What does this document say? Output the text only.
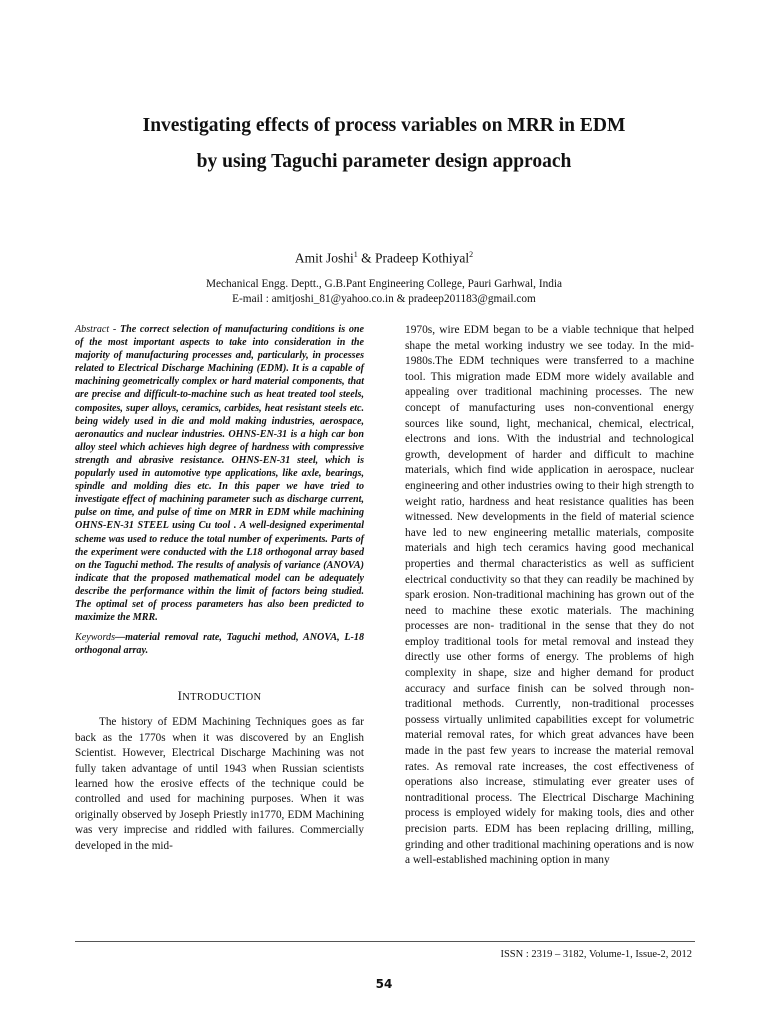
Investigating effects of process variables on MRR in EDM
by using Taguchi parameter design approach
Amit Joshi$^1$ & Pradeep Kothiyal$^2$
Mechanical Engg. Deptt., G.B.Pant Engineering College, Pauri Garhwal, India
E-mail : amitjoshi_81@yahoo.co.in & pradeep201183@gmail.com

Abstract - The correct selection of manufacturing conditions is one of the most important aspects to take into consideration in the majority of manufacturing processes and, particularly, in processes related to Electrical Discharge Machining (EDM). It is a capable of machining geometrically complex or hard material components, that are precise and difficult-to-machine such as heat treated tool steels, composites, super alloys, ceramics, carbides, heat resistant steels etc. being widely used in die and mold making industries, aerospace, aeronautics and nuclear industries. OHNS-EN-31 is a high car bon alloy steel which achieves high degree of hardness with compressive strength and abrasive resistance. OHNS-EN-31 steel, which is popularly used in automotive type applications, like axle, bearings, spindle and molding dies etc. In this paper we have tried to investigate effect of machining parameter such as discharge current, pulse on time, and pulse of time on MRR in EDM while machining OHNS-EN-31 STEEL using Cu tool . A well-designed experimental scheme was used to reduce the total number of experiments. Parts of the experiment were conducted with the L18 orthogonal array based on the Taguchi method. The results of analysis of variance (ANOVA) indicate that the proposed mathematical model can be adequately describe the performance within the limit of factors being studied. The optimal set of process parameters has also been predicted to maximize the MRR.

Keywords—material removal rate, Taguchi method, ANOVA, L-18 orthogonal array.

INTRODUCTION

The history of EDM Machining Techniques goes as far back as the 1770s when it was discovered by an English Scientist. However, Electrical Discharge Machining was not fully taken advantage of until 1943 when Russian scientists learned how the erosive effects of the technique could be controlled and used for machining purposes. When it was originally observed by Joseph Priestly in1770, EDM Machining was very imprecise and riddled with failures. Commercially developed in the mid-

1970s, wire EDM began to be a viable technique that helped shape the metal working industry we see today. In the mid-1980s.The EDM techniques were transferred to a machine tool. This migration made EDM more widely available and appealing over traditional machining processes. The new concept of manufacturing uses non-conventional energy sources like sound, light, mechanical, chemical, electrical, electrons and ions. With the industrial and technological growth, development of harder and difficult to machine materials, which find wide application in aerospace, nuclear engineering and other industries owing to their high strength to weight ratio, hardness and heat resistance qualities has been witnessed. New developments in the field of material science have led to new engineering metallic materials, composite materials and high tech ceramics having good mechanical properties and thermal characteristics as well as sufficient electrical conductivity so that they can readily be machined by spark erosion. Non-traditional machining has grown out of the need to machine these exotic materials. The machining processes are non- traditional in the sense that they do not employ traditional tools for metal removal and instead they directly use other forms of energy. The problems of high complexity in shape, size and higher demand for product accuracy and surface finish can be solved through non-traditional methods. Currently, non-traditional processes possess virtually unlimited capabilities except for volumetric material removal rates, for which great advances have been made in the past few years to increase the material removal rates. As removal rate increases, the cost effectiveness of operations also increase, stimulating ever greater uses of nontraditional process. The Electrical Discharge Machining process is employed widely for making tools, dies and other precision parts. EDM has been replacing drilling, milling, grinding and other traditional machining operations and is now a well-established machining option in many

ISSN : 2319 – 3182, Volume-1, Issue-2, 2012
54
